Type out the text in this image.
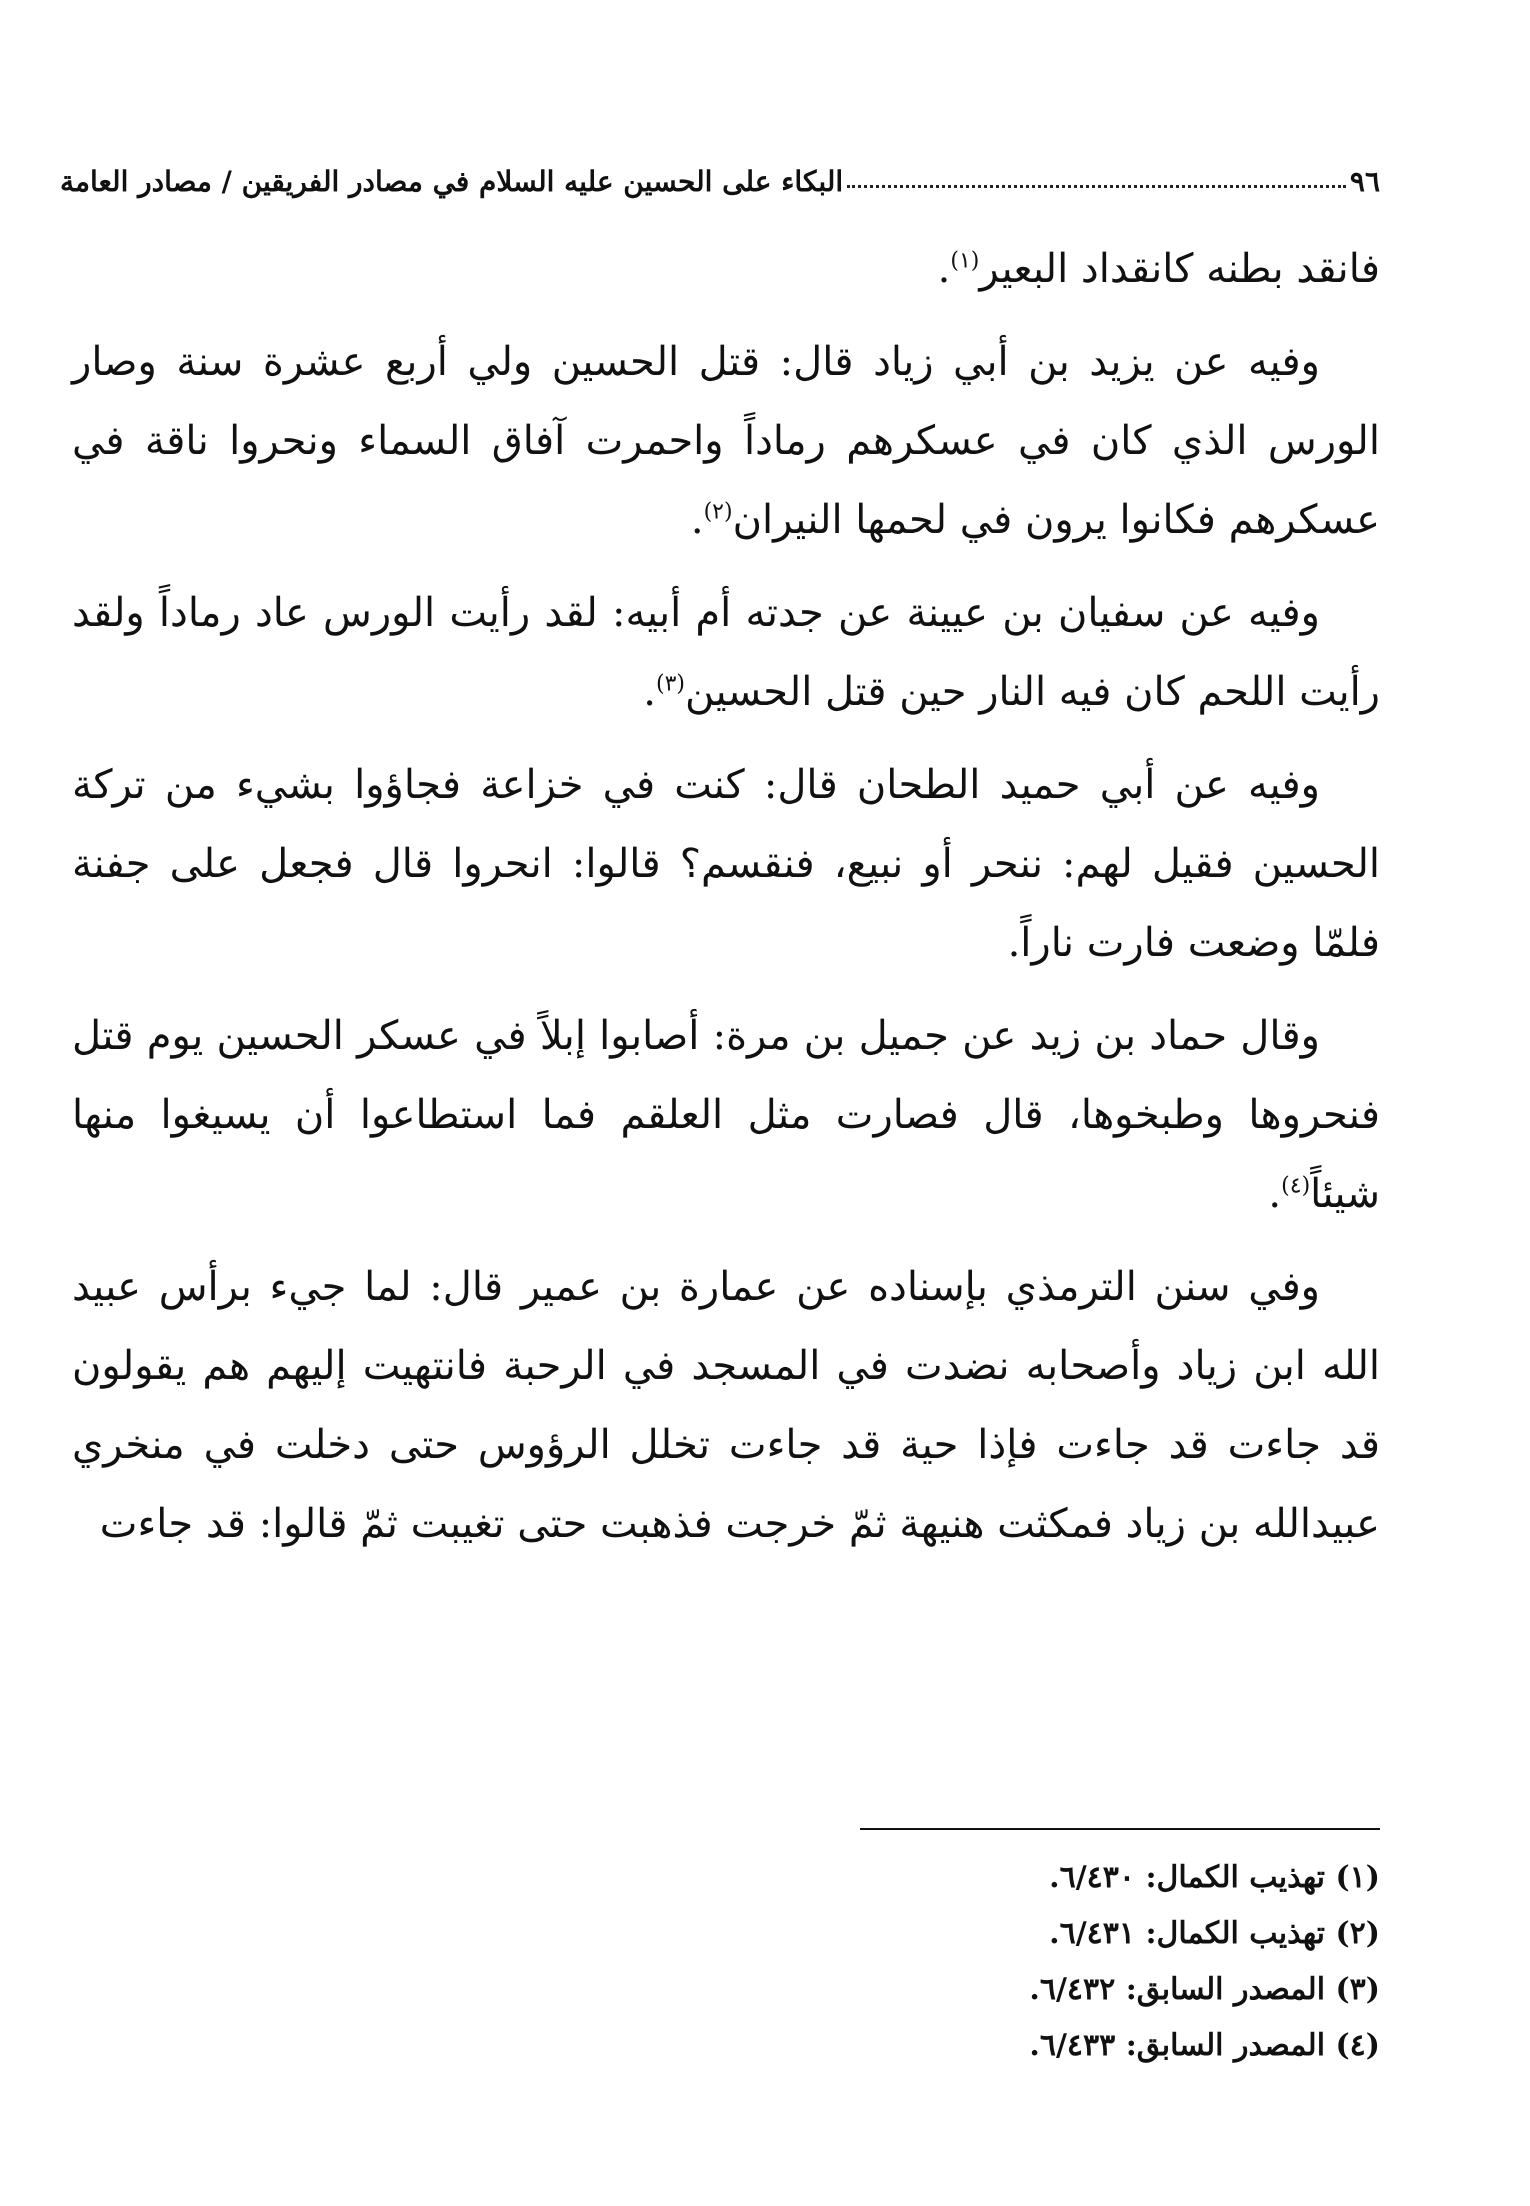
٩٦
البكاء على الحسين عليه السلام في مصادر الفريقين / مصادر العامة

فانقد بطنه كانقداد البعير$^{(١)}$.

وفيه عن يزيد بن أبي زياد قال: قتل الحسين ولي أربع عشرة سنة وصار الورس الذي كان في عسكرهم رماداً واحمرت آفاق السماء ونحروا ناقة في عسكرهم فكانوا يرون في لحمها النيران$^{(٢)}$.

وفيه عن سفيان بن عيينة عن جدته أم أبيه: لقد رأيت الورس عاد رماداً ولقد رأيت اللحم كان فيه النار حين قتل الحسين$^{(٣)}$.

وفيه عن أبي حميد الطحان قال: كنت في خزاعة فجاؤوا بشيء من تركة الحسين فقيل لهم: ننحر أو نبيع، فنقسم؟ قالوا: انحروا قال فجعل على جفنة فلمّا وضعت فارت ناراً.

وقال حماد بن زيد عن جميل بن مرة: أصابوا إبلاً في عسكر الحسين يوم قتل فنحروها وطبخوها، قال فصارت مثل العلقم فما استطاعوا أن يسيغوا منها شيئاً$^{(٤)}$.

وفي سنن الترمذي بإسناده عن عمارة بن عمير قال: لما جيء برأس عبيد الله ابن زياد وأصحابه نضدت في المسجد في الرحبة فانتهيت إليهم هم يقولون قد جاءت قد جاءت فإذا حية قد جاءت تخلل الرؤوس حتى دخلت في منخري عبيدالله بن زياد فمكثت هنيهة ثمّ خرجت فذهبت حتى تغيبت ثمّ قالوا: قد جاءت

(١) تهذيب الكمال: ٦/٤٣٠.
(٢) تهذيب الكمال: ٦/٤٣١.
(٣) المصدر السابق: ٦/٤٣٢.
(٤) المصدر السابق: ٦/٤٣٣.
